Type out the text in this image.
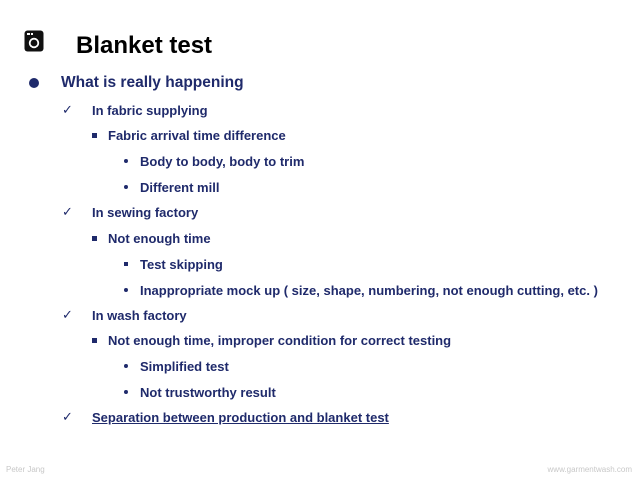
Blanket test
What is really happening
✓ In fabric supplying
Fabric arrival time difference
Body to body, body to trim
Different mill
✓ In sewing factory
Not enough time
Test skipping
Inappropriate mock up ( size, shape, numbering, not enough cutting, etc. )
✓ In wash factory
Not enough time, improper condition for correct testing
Simplified test
Not trustworthy result
✓ Separation between production and blanket test
Peter Jang	www.garmentwash.com
